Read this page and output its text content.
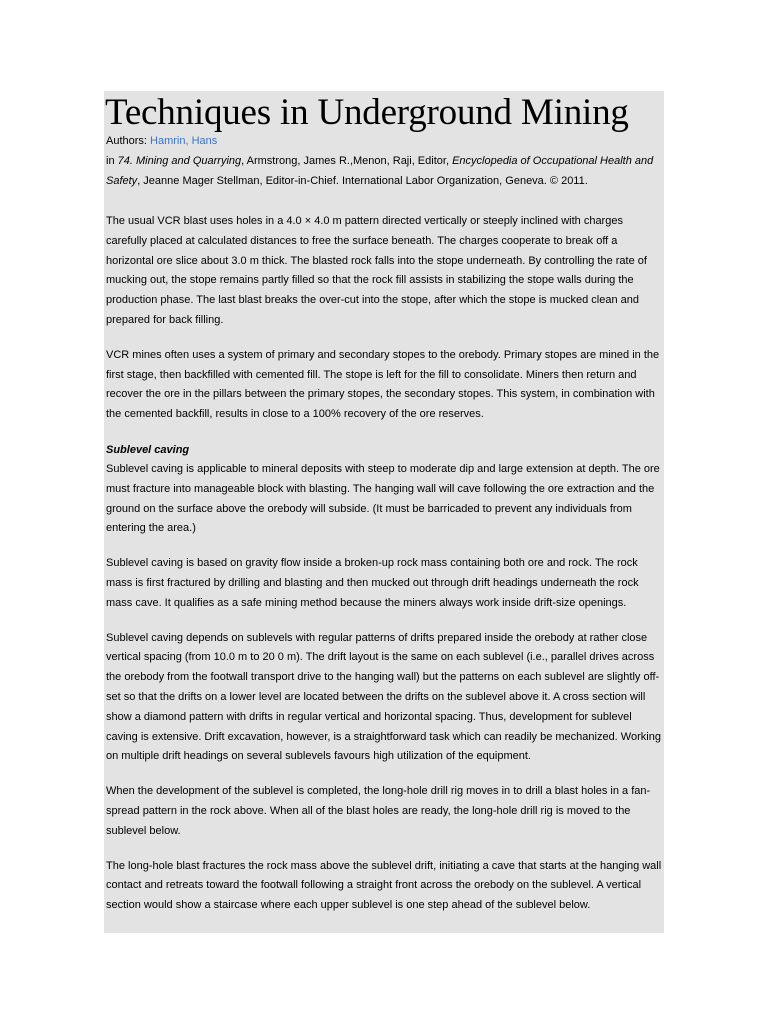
Techniques in Underground Mining

Authors: Hamrin, Hans

in 74. Mining and Quarrying, Armstrong, James R.,Menon, Raji, Editor, Encyclopedia of Occupational Health and Safety, Jeanne Mager Stellman, Editor-in-Chief. International Labor Organization, Geneva. © 2011.

The usual VCR blast uses holes in a 4.0 × 4.0 m pattern directed vertically or steeply inclined with charges carefully placed at calculated distances to free the surface beneath. The charges cooperate to break off a horizontal ore slice about 3.0 m thick. The blasted rock falls into the stope underneath. By controlling the rate of mucking out, the stope remains partly filled so that the rock fill assists in stabilizing the stope walls during the production phase. The last blast breaks the over-cut into the stope, after which the stope is mucked clean and prepared for back filling.

VCR mines often uses a system of primary and secondary stopes to the orebody. Primary stopes are mined in the first stage, then backfilled with cemented fill. The stope is left for the fill to consolidate. Miners then return and recover the ore in the pillars between the primary stopes, the secondary stopes. This system, in combination with the cemented backfill, results in close to a 100% recovery of the ore reserves.

Sublevel caving

Sublevel caving is applicable to mineral deposits with steep to moderate dip and large extension at depth. The ore must fracture into manageable block with blasting. The hanging wall will cave following the ore extraction and the ground on the surface above the orebody will subside. (It must be barricaded to prevent any individuals from entering the area.)

Sublevel caving is based on gravity flow inside a broken-up rock mass containing both ore and rock. The rock mass is first fractured by drilling and blasting and then mucked out through drift headings underneath the rock mass cave. It qualifies as a safe mining method because the miners always work inside drift-size openings.

Sublevel caving depends on sublevels with regular patterns of drifts prepared inside the orebody at rather close vertical spacing (from 10.0 m to 20 0 m). The drift layout is the same on each sublevel (i.e., parallel drives across the orebody from the footwall transport drive to the hanging wall) but the patterns on each sublevel are slightly off-set so that the drifts on a lower level are located between the drifts on the sublevel above it. A cross section will show a diamond pattern with drifts in regular vertical and horizontal spacing. Thus, development for sublevel caving is extensive. Drift excavation, however, is a straightforward task which can readily be mechanized. Working on multiple drift headings on several sublevels favours high utilization of the equipment.

When the development of the sublevel is completed, the long-hole drill rig moves in to drill a blast holes in a fan-spread pattern in the rock above. When all of the blast holes are ready, the long-hole drill rig is moved to the sublevel below.

The long-hole blast fractures the rock mass above the sublevel drift, initiating a cave that starts at the hanging wall contact and retreats toward the footwall following a straight front across the orebody on the sublevel. A vertical section would show a staircase where each upper sublevel is one step ahead of the sublevel below.
